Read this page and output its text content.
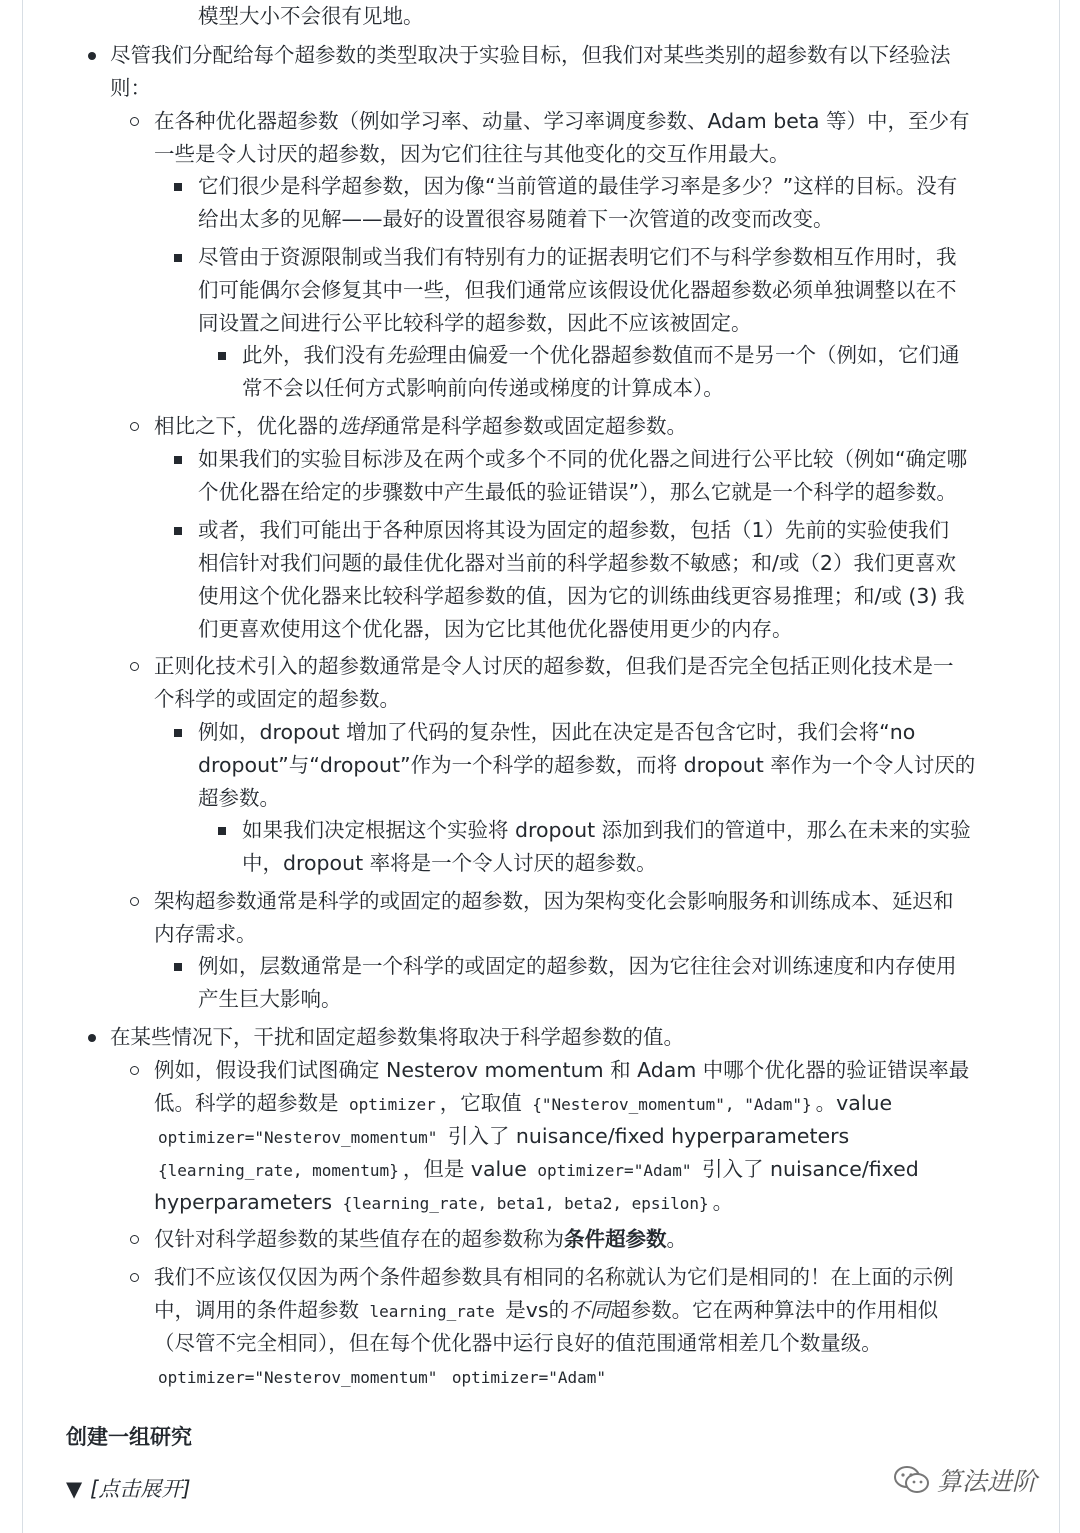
模型大小不会很有见地。
尽管我们分配给每个超参数的类型取决于实验目标，但我们对某些类别的超参数有以下经验法
则：
在各种优化器超参数（例如学习率、动量、学习率调度参数、Adam beta 等）中，至少有
一些是令人讨厌的超参数，因为它们往往与其他变化的交互作用最大。
它们很少是科学超参数，因为像“当前管道的最佳学习率是多少？”这样的目标。没有
给出太多的见解——最好的设置很容易随着下一次管道的改变而改变。
尽管由于资源限制或当我们有特别有力的证据表明它们不与科学参数相互作用时，我
们可能偶尔会修复其中一些，但我们通常应该假设优化器超参数必须单独调整以在不
同设置之间进行公平比较科学的超参数，因此不应该被固定。
此外，我们没有先验理由偏爱一个优化器超参数值而不是另一个（例如，它们通
常不会以任何方式影响前向传递或梯度的计算成本）。
相比之下，优化器的选择通常是科学超参数或固定超参数。
如果我们的实验目标涉及在两个或多个不同的优化器之间进行公平比较（例如“确定哪
个优化器在给定的步骤数中产生最低的验证错误”），那么它就是一个科学的超参数。
或者，我们可能出于各种原因将其设为固定的超参数，包括（1）先前的实验使我们
相信针对我们问题的最佳优化器对当前的科学超参数不敏感；和/或（2）我们更喜欢
使用这个优化器来比较科学超参数的值，因为它的训练曲线更容易推理；和/或 (3) 我
们更喜欢使用这个优化器，因为它比其他优化器使用更少的内存。
正则化技术引入的超参数通常是令人讨厌的超参数，但我们是否完全包括正则化技术是一
个科学的或固定的超参数。
例如，dropout 增加了代码的复杂性，因此在决定是否包含它时，我们会将“no
dropout”与“dropout”作为一个科学的超参数，而将 dropout 率作为一个令人讨厌的
超参数。
如果我们决定根据这个实验将 dropout 添加到我们的管道中，那么在未来的实验
中，dropout 率将是一个令人讨厌的超参数。
架构超参数通常是科学的或固定的超参数，因为架构变化会影响服务和训练成本、延迟和
内存需求。
例如，层数通常是一个科学的或固定的超参数，因为它往往会对训练速度和内存使用
产生巨大影响。
在某些情况下，干扰和固定超参数集将取决于科学超参数的值。
例如，假设我们试图确定 Nesterov momentum 和 Adam 中哪个优化器的验证错误率最
低。科学的超参数是 optimizer ，它取值 {"Nesterov_momentum", "Adam"} 。value
optimizer="Nesterov_momentum" 引入了 nuisance/fixed hyperparameters
{learning_rate, momentum} ，但是 value optimizer="Adam" 引入了 nuisance/fixed
hyperparameters {learning_rate, beta1, beta2, epsilon} 。
仅针对科学超参数的某些值存在的超参数称为条件超参数。
我们不应该仅仅因为两个条件超参数具有相同的名称就认为它们是相同的！在上面的示例
中，调用的条件超参数 learning_rate 是vs的不同超参数。它在两种算法中的作用相似
（尽管不完全相同），但在每个优化器中运行良好的值范围通常相差几个数量级。
optimizer="Nesterov_momentum" optimizer="Adam"
创建一组研究
▼ [点击展开]	算法进阶
